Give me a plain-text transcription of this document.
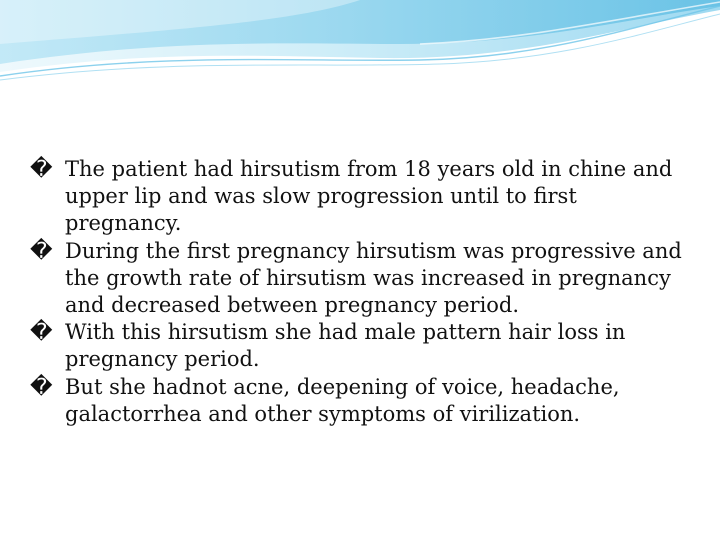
� The patient had hirsutism from 18 years old in chine and upper lip and was slow progression until to first pregnancy.
� During the first pregnancy hirsutism was progressive and the growth rate of hirsutism was increased in pregnancy and decreased between pregnancy period.
� With this hirsutism she had male pattern hair loss in pregnancy period.
� But she hadnot acne, deepening of voice, headache, galactorrhea and other symptoms of virilization.
